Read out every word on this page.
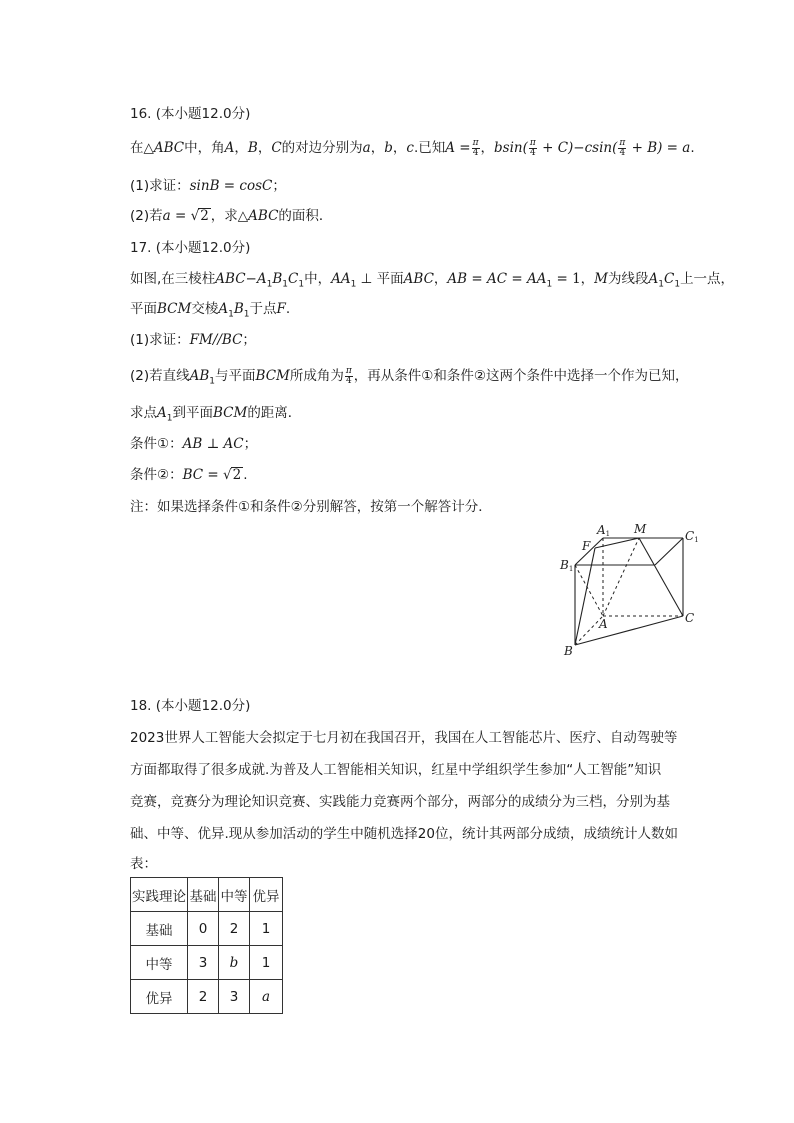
16. (本小题12.0分)
在△ABC中，角A，B，C的对边分别为a，b，c.已知$A = \frac{\pi}{4}$ ，$bsin( \frac{\pi}{4} + C)-csin( \frac{\pi}{4} + B) = a$.
(1)求证：sinB = cosC；
(2)若a = √2 ，求△ABC的面积．
17. (本小题12.0分)
如图,在三棱柱$ABC-A_1B_1C_1$中，$AA_1$ ⊥ 平面ABC，AB = AC = $AA_1 = 1$，M为线段$A_1C_1$上一点，
平面BCM交棱$A_1B_1$于点F.
(1)求证：FM//BC；
(2)若直线$AB_1$与平面BCM所成角为 $\frac{\pi}{4}$ ，再从条件①和条件②这两个条件中选择一个作为已知，
求点$A_1$到平面BCM的距离．
条件①：AB ⊥ AC；
条件②：BC = √2 .
注：如果选择条件①和条件②分别解答，按第一个解答计分．
A1 M	C1
F
B1
A	C
B
18. (本小题12.0分)
2023世界人工智能大会拟定于七月初在我国召开，我国在人工智能芯片、医疗、自动驾驶等
方面都取得了很多成就.为普及人工智能相关知识，红星中学组织学生参加“人工智能”知识
竞赛，竞赛分为理论知识竞赛、实践能力竞赛两个部分，两部分的成绩分为三档，分别为基
础、中等、优异.现从参加活动的学生中随机选择20位，统计其两部分成绩，成绩统计人数如
表：
实践理论	基础	中等	优异
基础	0	2	1
中等	3	b	1
优异	2	3	a
